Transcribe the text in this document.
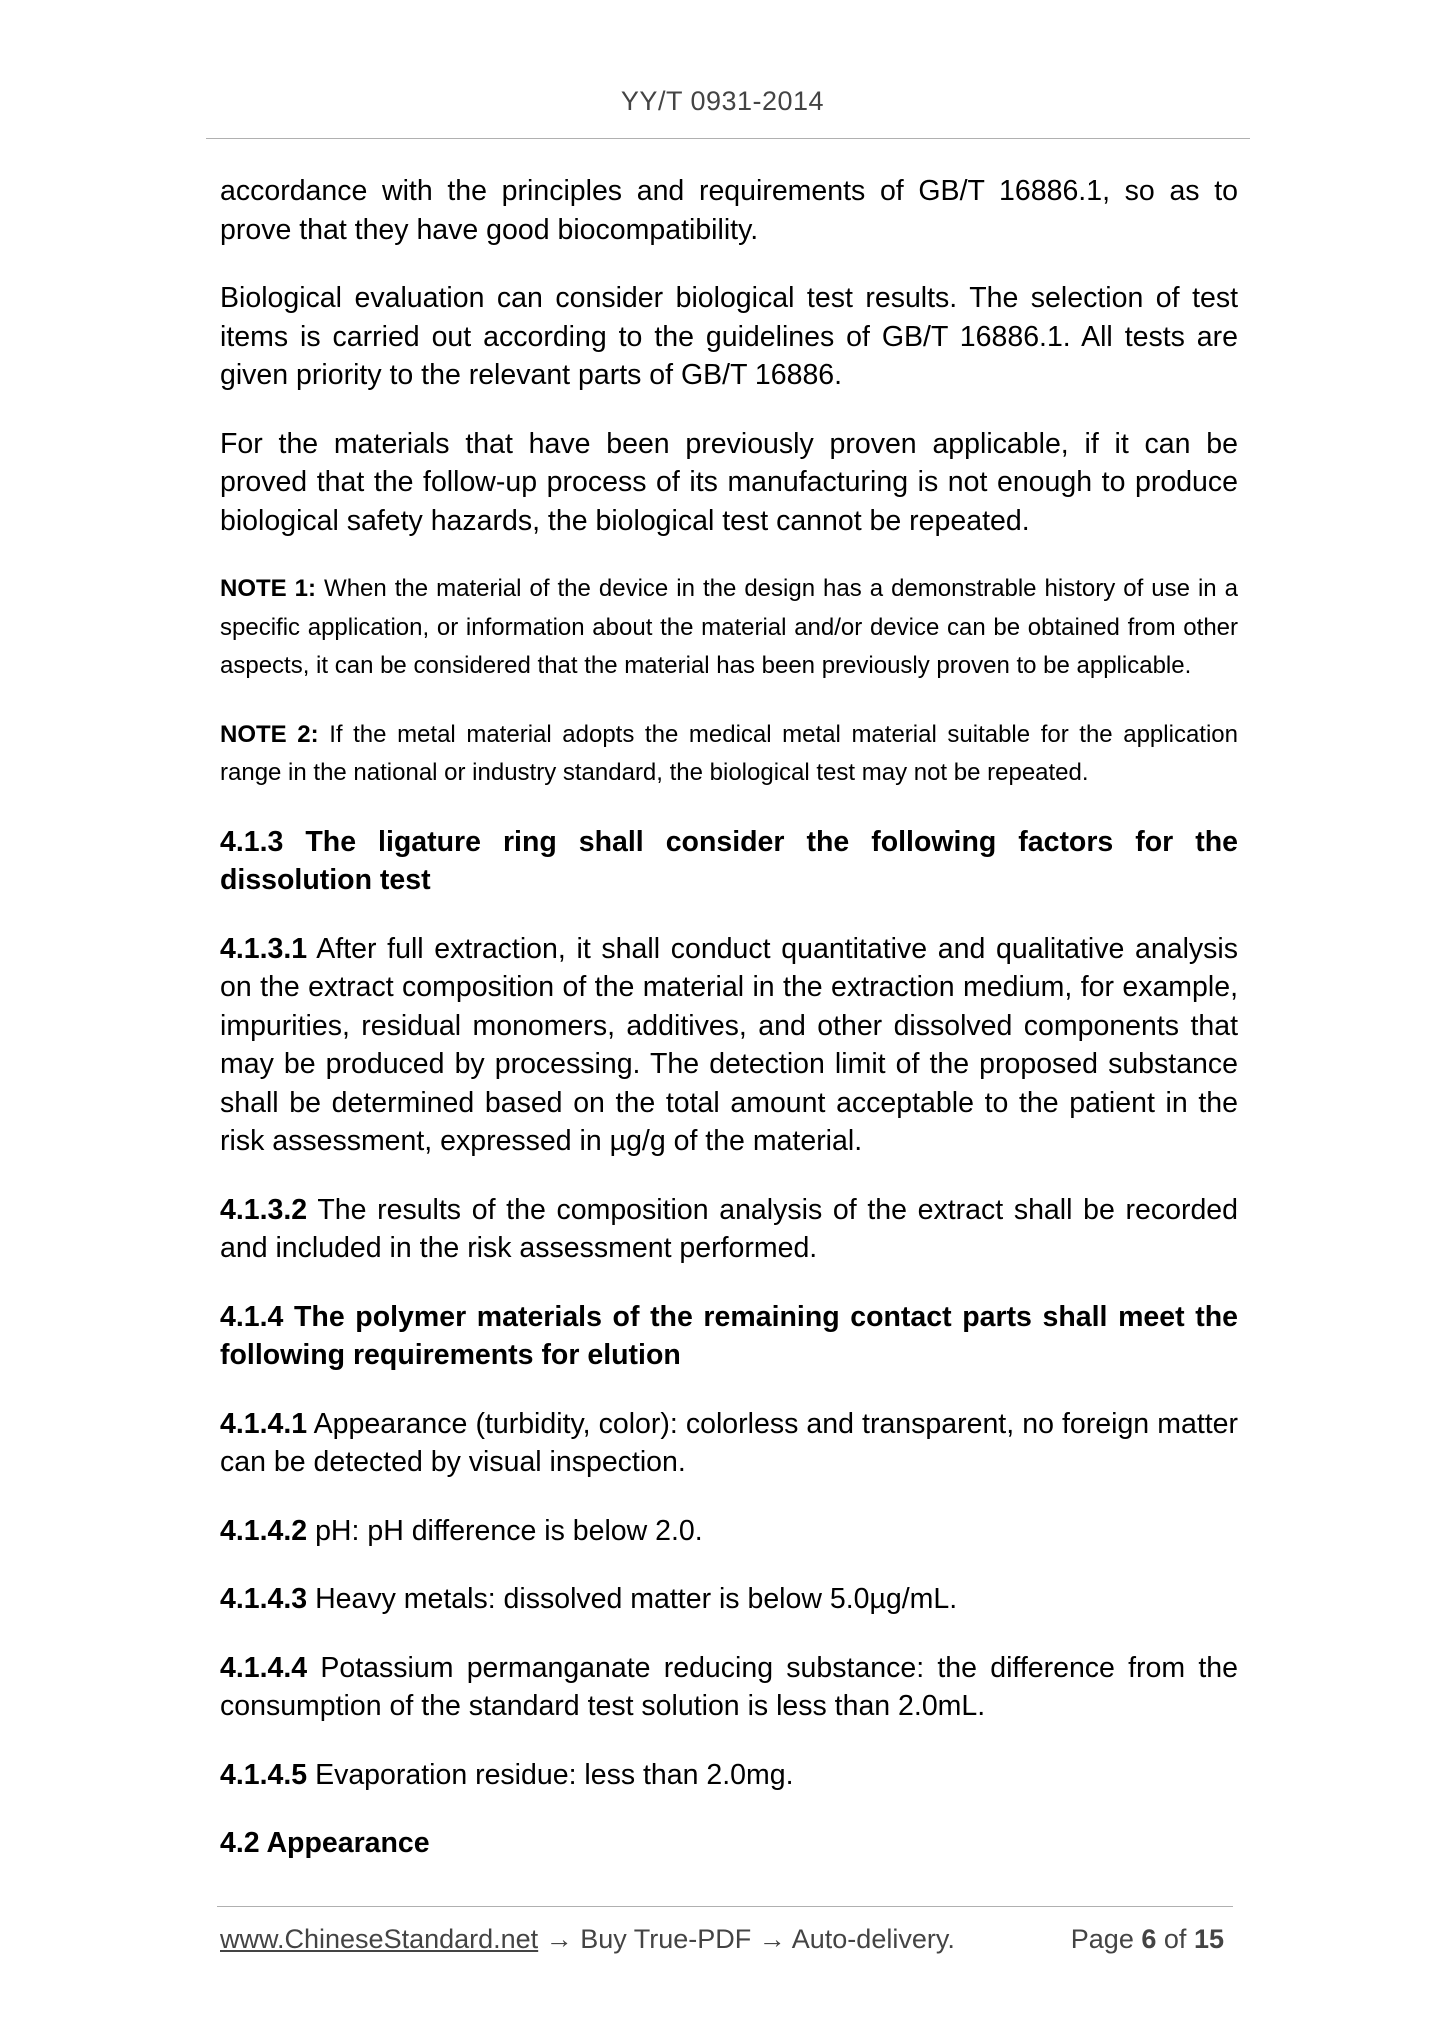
YY/T 0931-2014

accordance with the principles and requirements of GB/T 16886.1, so as to prove that they have good biocompatibility.

Biological evaluation can consider biological test results. The selection of test items is carried out according to the guidelines of GB/T 16886.1. All tests are given priority to the relevant parts of GB/T 16886.

For the materials that have been previously proven applicable, if it can be proved that the follow-up process of its manufacturing is not enough to produce biological safety hazards, the biological test cannot be repeated.

NOTE 1: When the material of the device in the design has a demonstrable history of use in a specific application, or information about the material and/or device can be obtained from other aspects, it can be considered that the material has been previously proven to be applicable.

NOTE 2: If the metal material adopts the medical metal material suitable for the application range in the national or industry standard, the biological test may not be repeated.

4.1.3 The ligature ring shall consider the following factors for the dissolution test

4.1.3.1 After full extraction, it shall conduct quantitative and qualitative analysis on the extract composition of the material in the extraction medium, for example, impurities, residual monomers, additives, and other dissolved components that may be produced by processing. The detection limit of the proposed substance shall be determined based on the total amount acceptable to the patient in the risk assessment, expressed in µg/g of the material.

4.1.3.2 The results of the composition analysis of the extract shall be recorded and included in the risk assessment performed.

4.1.4 The polymer materials of the remaining contact parts shall meet the following requirements for elution

4.1.4.1 Appearance (turbidity, color): colorless and transparent, no foreign matter can be detected by visual inspection.

4.1.4.2 pH: pH difference is below 2.0.

4.1.4.3 Heavy metals: dissolved matter is below 5.0µg/mL.

4.1.4.4 Potassium permanganate reducing substance: the difference from the consumption of the standard test solution is less than 2.0mL.

4.1.4.5 Evaporation residue: less than 2.0mg.

4.2 Appearance

www.ChineseStandard.net → Buy True-PDF → Auto-delivery.	Page 6 of 15
